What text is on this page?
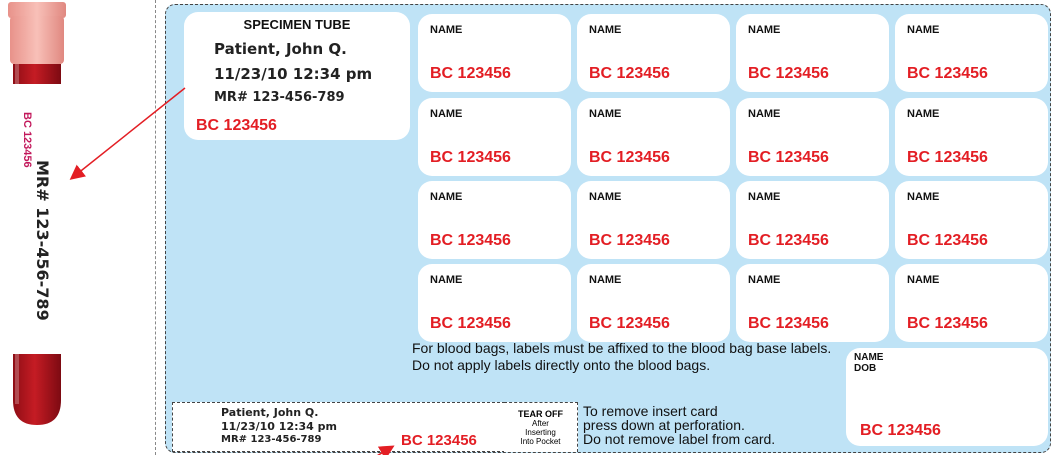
MR# 123-456-789
BC 123456
SPECIMEN TUBE
Patient, John Q.
11/23/10 12:34 pm
MR# 123-456-789
BC 123456
NAME
BC 123456
NAME
BC 123456
NAME
BC 123456
NAME
BC 123456
NAME
BC 123456
NAME
BC 123456
NAME
BC 123456
NAME
BC 123456
NAME
BC 123456
NAME
BC 123456
NAME
BC 123456
NAME
BC 123456
NAME
BC 123456
NAME
BC 123456
NAME
BC 123456
NAME
BC 123456
For blood bags, labels must be affixed to the blood bag base labels. Do not apply labels directly onto the blood bags.	NAME
DOB
BC 123456
Patient, John Q.
11/23/10 12:34 pm
MR# 123-456-789	BC 123456
TEAR OFF
After
Inserting
Into Pocket
To remove insert card
press down at perforation.
Do not remove label from card.
